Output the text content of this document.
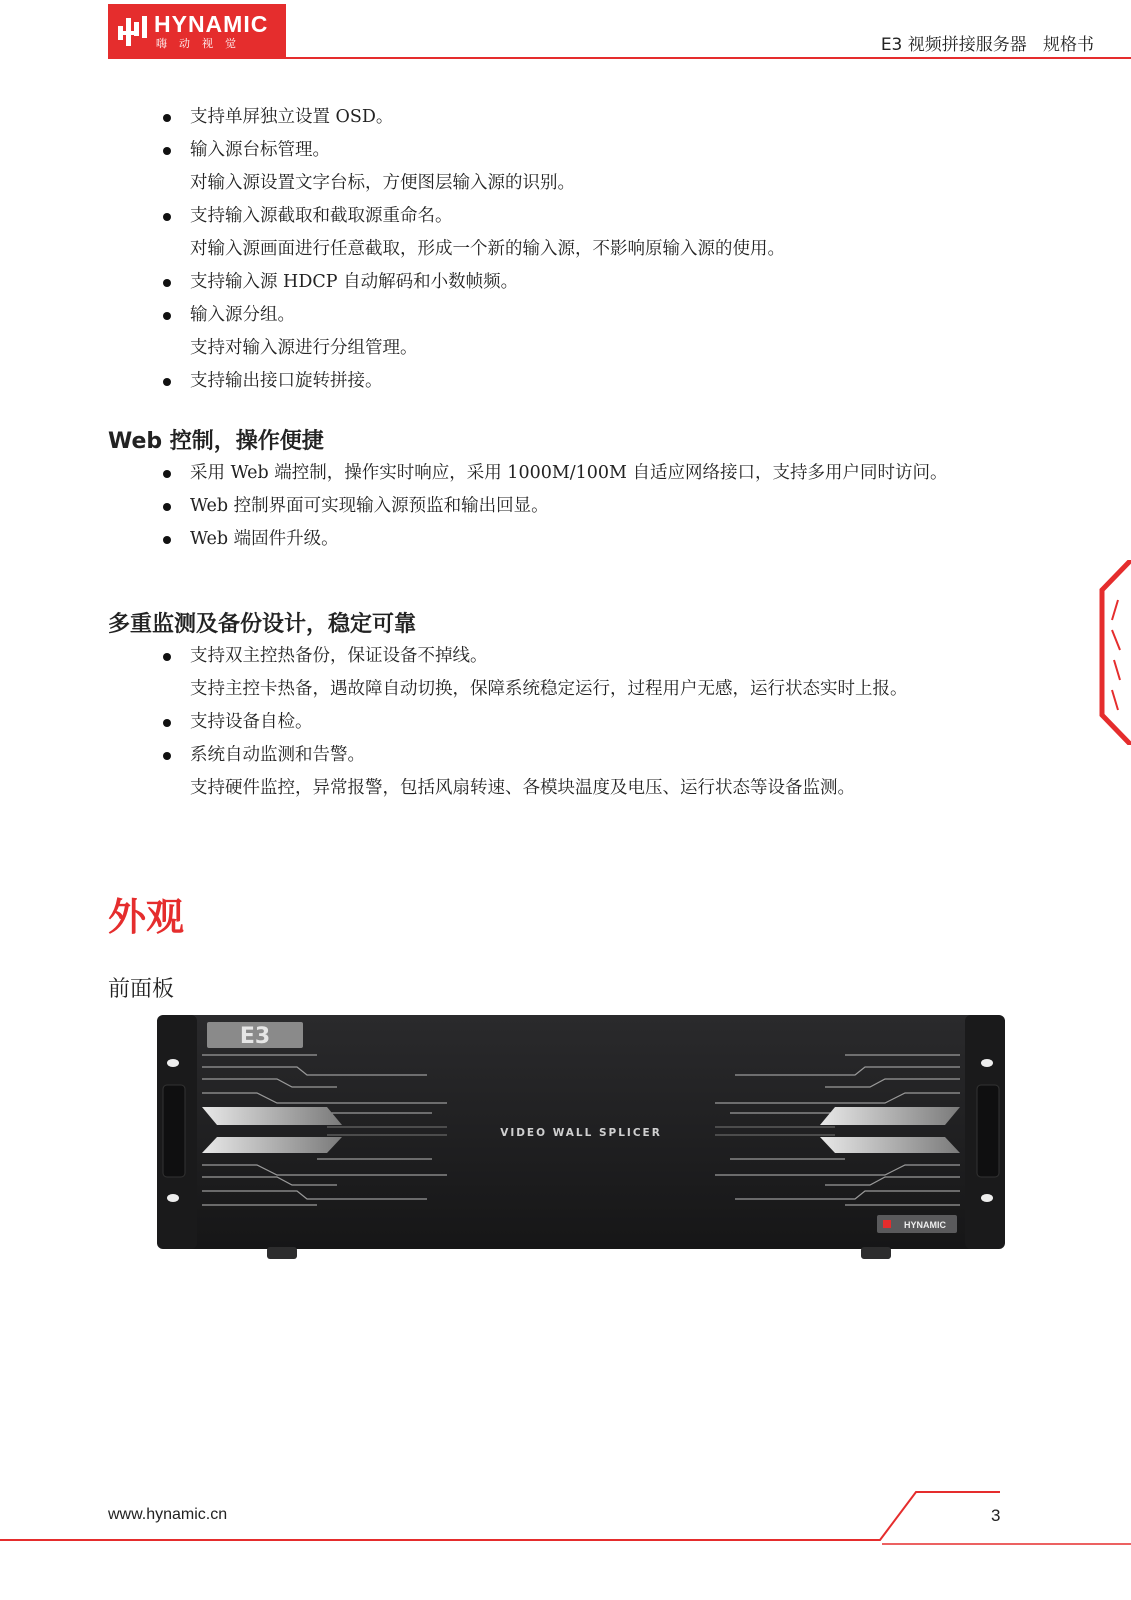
HYNAMIC
嗨动视觉	E3 视频拼接服务器   规格书
支持单屏独立设置 OSD。
输入源台标管理。
对输入源设置文字台标，方便图层输入源的识别。
支持输入源截取和截取源重命名。
对输入源画面进行任意截取，形成一个新的输入源，不影响原输入源的使用。
支持输入源 HDCP 自动解码和小数帧频。
输入源分组。
支持对输入源进行分组管理。
支持输出接口旋转拼接。
Web 控制，操作便捷
采用 Web 端控制，操作实时响应，采用 1000M/100M 自适应网络接口，支持多用户同时访问。
Web 控制界面可实现输入源预监和输出回显。
Web 端固件升级。
多重监测及备份设计，稳定可靠
支持双主控热备份，保证设备不掉线。
支持主控卡热备，遇故障自动切换，保障系统稳定运行，过程用户无感，运行状态实时上报。
支持设备自检。
系统自动监测和告警。
支持硬件监控，异常报警，包括风扇转速、各模块温度及电压、运行状态等设备监测。
外观
前面板
E3
VIDEO WALL SPLICER
HYNAMIC
www.hynamic.cn	3
